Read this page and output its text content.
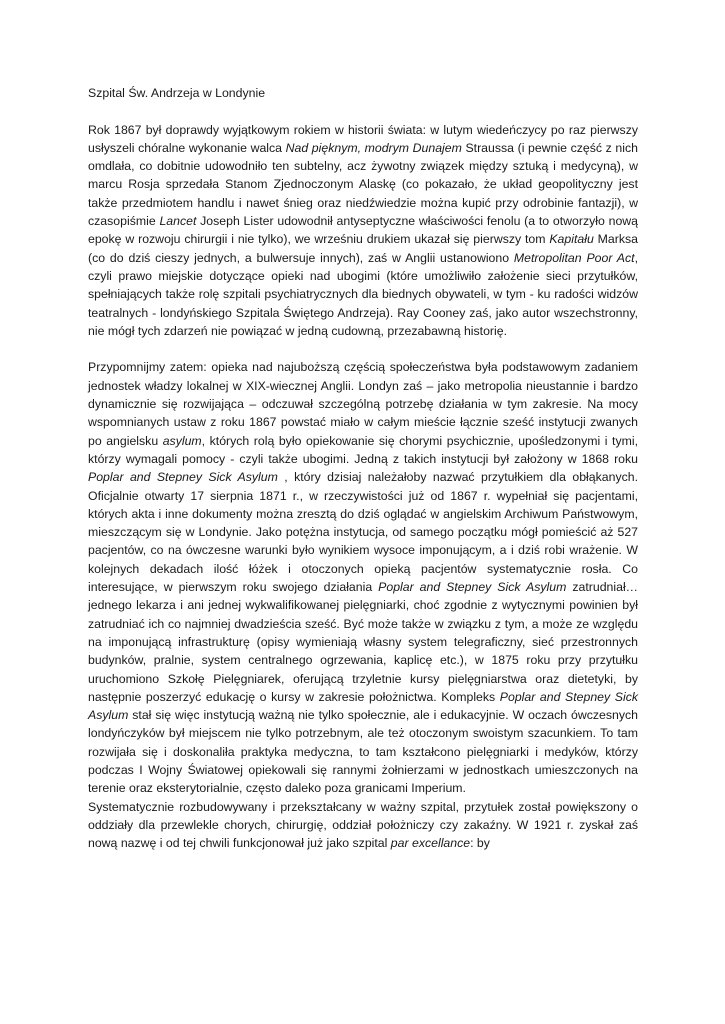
Szpital Św. Andrzeja w Londynie

Rok 1867 był doprawdy wyjątkowym rokiem w historii świata: w lutym wiedeńczycy po raz pierwszy usłyszeli chóralne wykonanie walca Nad pięknym, modrym Dunajem Straussa (i pewnie część z nich omdlała, co dobitnie udowodniło ten subtelny, acz żywotny związek między sztuką i medycyną), w marcu Rosja sprzedała Stanom Zjednoczonym Alaskę (co pokazało, że układ geopolityczny jest także przedmiotem handlu i nawet śnieg oraz niedźwiedzie można kupić przy odrobinie fantazji), w czasopiśmie Lancet Joseph Lister udowodnił antyseptyczne właściwości fenolu (a to otworzyło nową epokę w rozwoju chirurgii i nie tylko), we wrześniu drukiem ukazał się pierwszy tom Kapitału Marksa (co do dziś cieszy jednych, a bulwersuje innych), zaś w Anglii ustanowiono Metropolitan Poor Act, czyli prawo miejskie dotyczące opieki nad ubogimi (które umożliwiło założenie sieci przytułków, spełniających także rolę szpitali psychiatrycznych dla biednych obywateli, w tym - ku radości widzów teatralnych - londyńskiego Szpitala Świętego Andrzeja). Ray Cooney zaś, jako autor wszechstronny, nie mógł tych zdarzeń nie powiązać w jedną cudowną, przezabawną historię.

Przypomnijmy zatem: opieka nad najuboższą częścią społeczeństwa była podstawowym zadaniem jednostek władzy lokalnej w XIX-wiecznej Anglii. Londyn zaś – jako metropolia nieustannie i bardzo dynamicznie się rozwijająca – odczuwał szczególną potrzebę działania w tym zakresie. Na mocy wspomnianych ustaw z roku 1867 powstać miało w całym mieście łącznie sześć instytucji zwanych po angielsku asylum, których rolą było opiekowanie się chorymi psychicznie, upośledzonymi i tymi, którzy wymagali pomocy - czyli także ubogimi. Jedną z takich instytucji był założony w 1868 roku Poplar and Stepney Sick Asylum , który dzisiaj należałoby nazwać przytułkiem dla obłąkanych. Oficjalnie otwarty 17 sierpnia 1871 r., w rzeczywistości już od 1867 r. wypełniał się pacjentami, których akta i inne dokumenty można zresztą do dziś oglądać w angielskim Archiwum Państwowym, mieszczącym się w Londynie. Jako potężna instytucja, od samego początku mógł pomieścić aż 527 pacjentów, co na ówczesne warunki było wynikiem wysoce imponującym, a i dziś robi wrażenie. W kolejnych dekadach ilość łóżek i otoczonych opieką pacjentów systematycznie rosła. Co interesujące, w pierwszym roku swojego działania Poplar and Stepney Sick Asylum zatrudniał… jednego lekarza i ani jednej wykwalifikowanej pielęgniarki, choć zgodnie z wytycznymi powinien był zatrudniać ich co najmniej dwadzieścia sześć. Być może także w związku z tym, a może ze względu na imponującą infrastrukturę (opisy wymieniają własny system telegraficzny, sieć przestronnych budynków, pralnie, system centralnego ogrzewania, kaplicę etc.), w 1875 roku przy przytułku uruchomiono Szkołę Pielęgniarek, oferującą trzyletnie kursy pielęgniarstwa oraz dietetyki, by następnie poszerzyć edukację o kursy w zakresie położnictwa. Kompleks Poplar and Stepney Sick Asylum stał się więc instytucją ważną nie tylko społecznie, ale i edukacyjnie. W oczach ówczesnych londyńczyków był miejscem nie tylko potrzebnym, ale też otoczonym swoistym szacunkiem. To tam rozwijała się i doskonaliła praktyka medyczna, to tam kształcono pielęgniarki i medyków, którzy podczas I Wojny Światowej opiekowali się rannymi żołnierzami w jednostkach umieszczonych na terenie oraz eksterytorialnie, często daleko poza granicami Imperium.

Systematycznie rozbudowywany i przekształcany w ważny szpital, przytułek został powiększony o oddziały dla przewlekle chorych, chirurgię, oddział położniczy czy zakaźny. W 1921 r. zyskał zaś nową nazwę i od tej chwili funkcjonował już jako szpital par excellance: by
